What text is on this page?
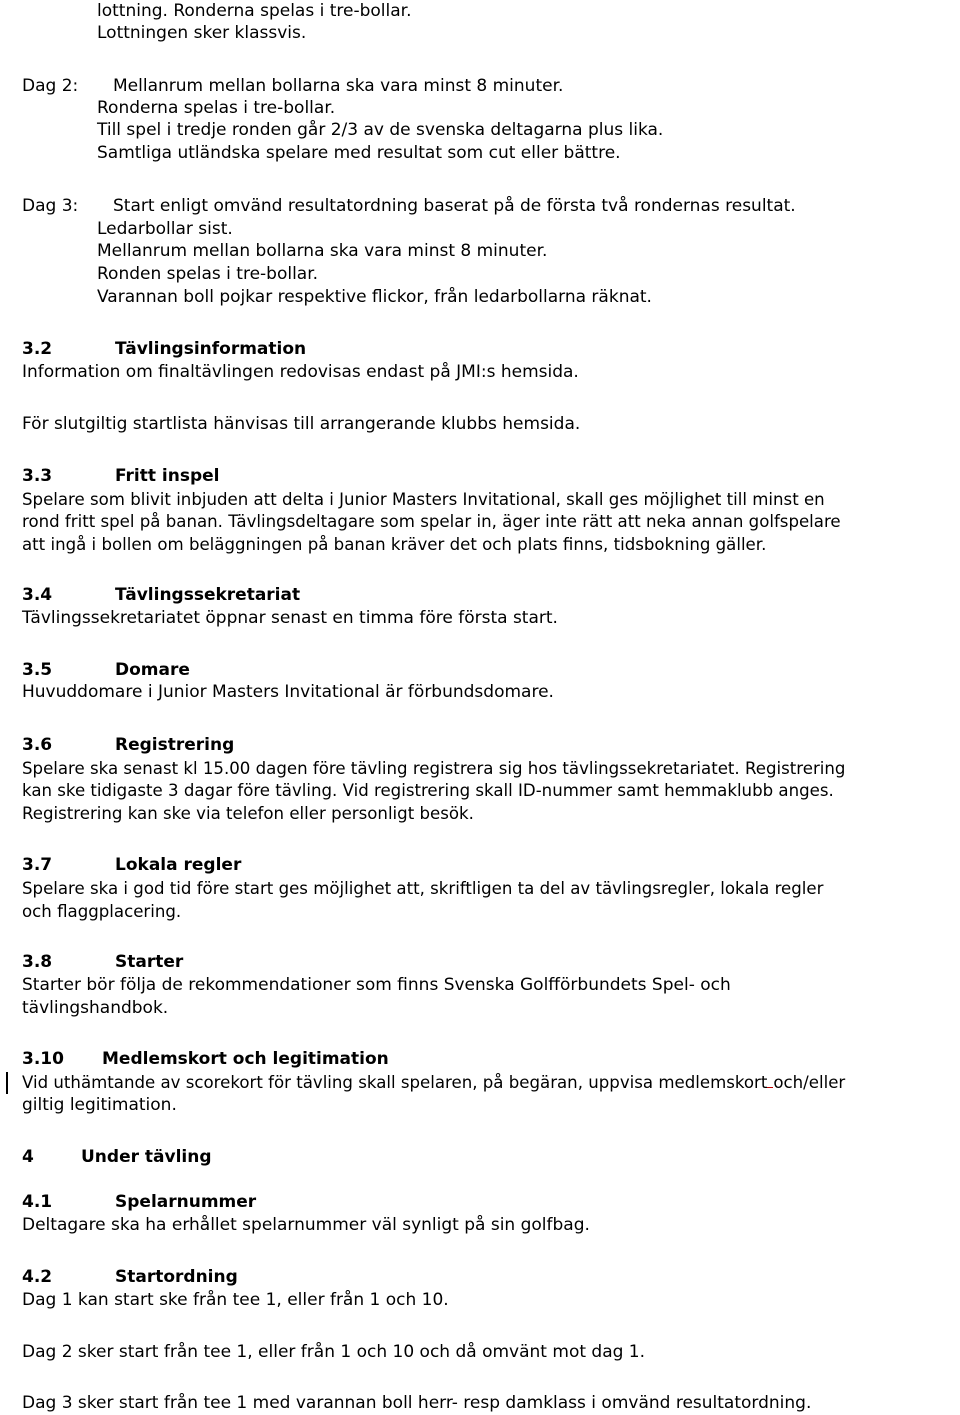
lottning. Ronderna spelas i tre-bollar.
Lottningen sker klassvis.
Dag 2: Mellanrum mellan bollarna ska vara minst 8 minuter.
Ronderna spelas i tre-bollar.
Till spel i tredje ronden går 2/3 av de svenska deltagarna plus lika.
Samtliga utländska spelare med resultat som cut eller bättre.
Dag 3: Start enligt omvänd resultatordning baserat på de första två rondernas resultat.
Ledarbollar sist.
Mellanrum mellan bollarna ska vara minst 8 minuter.
Ronden spelas i tre-bollar.
Varannan boll pojkar respektive flickor, från ledarbollarna räknat.
3.2	Tävlingsinformation
Information om finaltävlingen redovisas endast på JMI:s hemsida.
För slutgiltig startlista hänvisas till arrangerande klubbs hemsida.
3.3	Fritt inspel
Spelare som blivit inbjuden att delta i Junior Masters Invitational, skall ges möjlighet till minst en
rond fritt spel på banan. Tävlingsdeltagare som spelar in, äger inte rätt att neka annan golfspelare
att ingå i bollen om beläggningen på banan kräver det och plats finns, tidsbokning gäller.
3.4	Tävlingssekretariat
Tävlingssekretariatet öppnar senast en timma före första start.
3.5	Domare
Huvuddomare i Junior Masters Invitational är förbundsdomare.
3.6	Registrering
Spelare ska senast kl 15.00 dagen före tävling registrera sig hos tävlingssekretariatet. Registrering
kan ske tidigaste 3 dagar före tävling. Vid registrering skall ID-nummer samt hemmaklubb anges.
Registrering kan ske via telefon eller personligt besök.
3.7	Lokala regler
Spelare ska i god tid före start ges möjlighet att, skriftligen ta del av tävlingsregler, lokala regler
och flaggplacering.
3.8	Starter
Starter bör följa de rekommendationer som finns Svenska Golfförbundets Spel- och
tävlingshandbok.
3.10 Medlemskort och legitimation
Vid uthämtande av scorekort för tävling skall spelaren, på begäran, uppvisa medlemskort och/eller
giltig legitimation.
4	Under tävling
4.1	Spelarnummer
Deltagare ska ha erhållet spelarnummer väl synligt på sin golfbag.
4.2	Startordning
Dag 1 kan start ske från tee 1, eller från 1 och 10.
Dag 2 sker start från tee 1, eller från 1 och 10 och då omvänt mot dag 1.
Dag 3 sker start från tee 1 med varannan boll herr- resp damklass i omvänd resultatordning.
